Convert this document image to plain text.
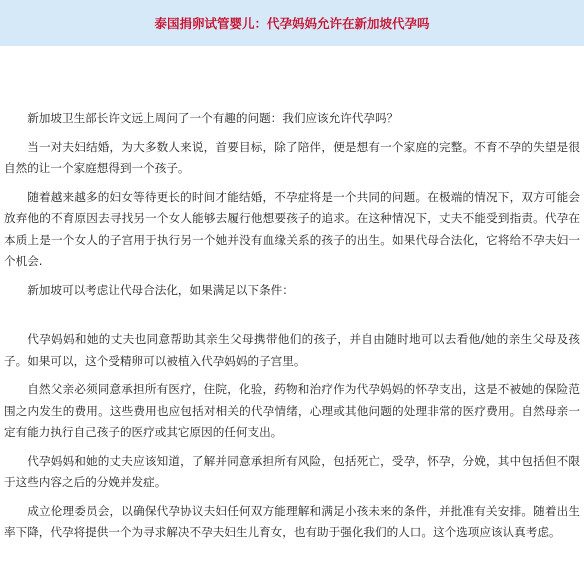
泰国捐卵试管婴儿：代孕妈妈允许在新加坡代孕吗

新加坡卫生部长许文远上周问了一个有趣的问题：我们应该允许代孕吗？

当一对夫妇结婚，为大多数人来说，首要目标，除了陪伴，便是想有一个家庭的完整。不育不孕的失望是很自然的让一个家庭想得到一个孩子。

随着越来越多的妇女等待更长的时间才能结婚，不孕症将是一个共同的问题。在极端的情况下，双方可能会放弃他的不育原因去寻找另一个女人能够去履行他想要孩子的追求。在这种情况下，丈夫不能受到指责。代孕在本质上是一个女人的子宫用于执行另一个她并没有血缘关系的孩子的出生。如果代母合法化，它将给不孕夫妇一个机会.

新加坡可以考虑让代母合法化，如果满足以下条件：

代孕妈妈和她的丈夫也同意帮助其亲生父母携带他们的孩子，并自由随时地可以去看他/她的亲生父母及孩子。如果可以，这个受精卵可以被植入代孕妈妈的子宫里。

自然父亲必须同意承担所有医疗，住院，化验，药物和治疗作为代孕妈妈的怀孕支出，这是不被她的保险范围之内发生的费用。这些费用也应包括对相关的代孕情绪，心理或其他问题的处理非常的医疗费用。自然母亲一定有能力执行自己孩子的医疗或其它原因的任何支出。

代孕妈妈和她的丈夫应该知道，了解并同意承担所有风险，包括死亡，受孕，怀孕，分娩，其中包括但不限于这些内容之后的分娩并发症。

成立伦理委员会，以确保代孕协议夫妇任何双方能理解和满足小孩未来的条件，并批准有关安排。随着出生率下降，代孕将提供一个为寻求解决不孕夫妇生儿育女，也有助于强化我们的人口。这个选项应该认真考虑。
